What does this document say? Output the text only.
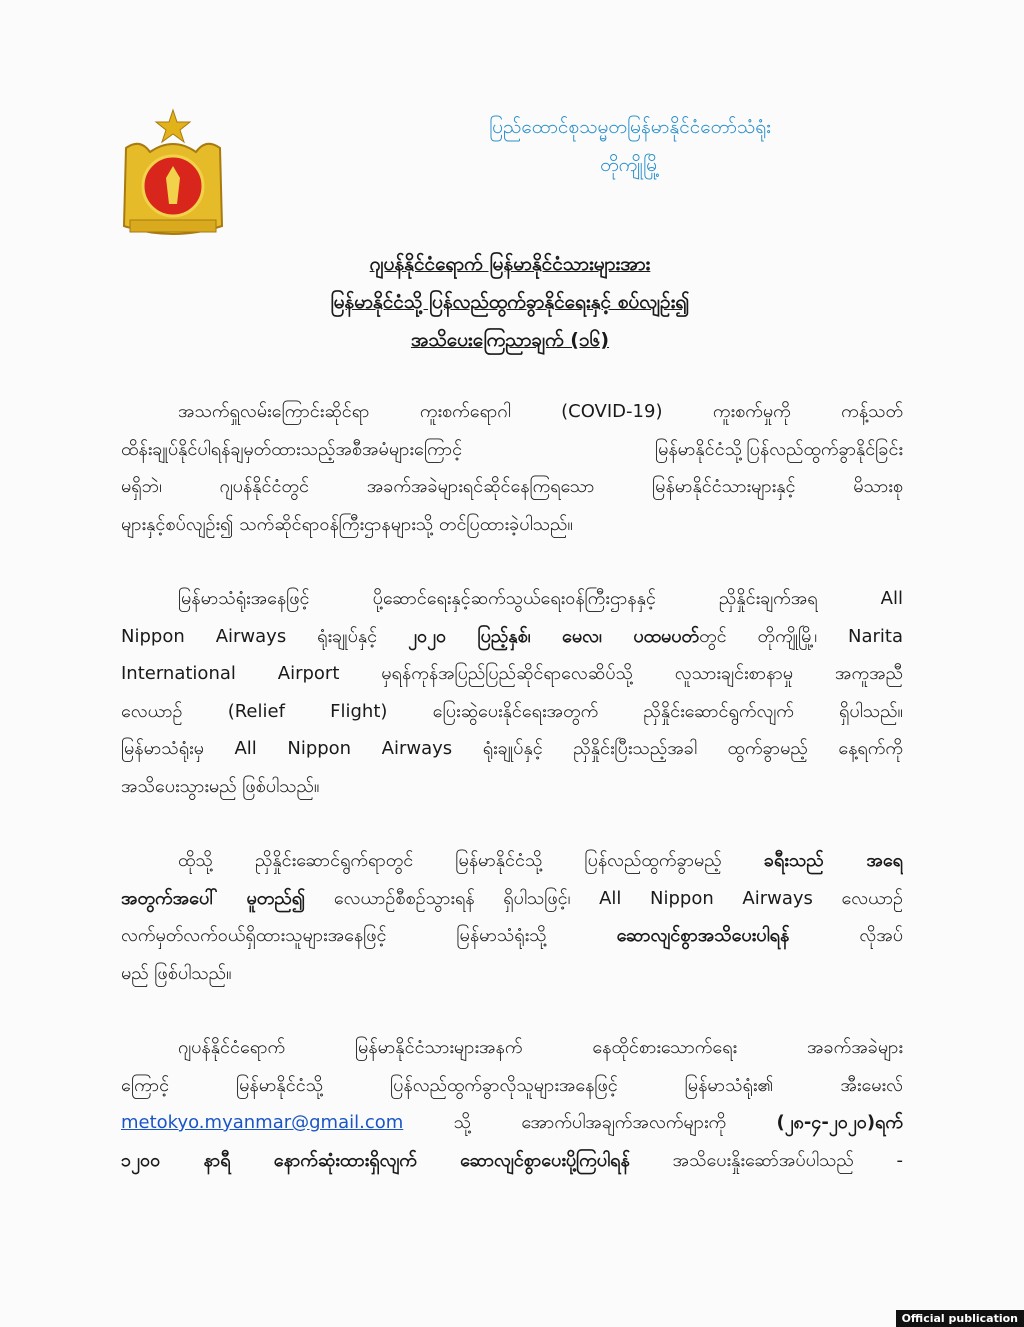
ပြည်ထောင်စုသမ္မတမြန်မာနိုင်ငံတော်သံရုံး
တိုကျိုမြို့
ဂျပန်နိုင်ငံရောက် မြန်မာနိုင်ငံသားများအား
မြန်မာနိုင်ငံသို့ ပြန်လည်ထွက်ခွာနိုင်ရေးနှင့် စပ်လျဉ်း၍
အသိပေးကြေညာချက် (၁၆)
အသက်ရှူလမ်းကြောင်းဆိုင်ရာ ကူးစက်ရောဂါ (COVID-19) ကူးစက်မှုကို ကန့်သတ်
ထိန်းချုပ်နိုင်ပါရန်ချမှတ်ထားသည့်အစီအမံများကြောင့် မြန်မာနိုင်ငံသို့ပြန်လည်ထွက်ခွာနိုင်ခြင်း
မရှိဘဲ၊ ဂျပန်နိုင်ငံတွင် အခက်အခဲများရင်ဆိုင်နေကြရသော မြန်မာနိုင်ငံသားများနှင့် မိသားစု
များနှင့်စပ်လျဉ်း၍ သက်ဆိုင်ရာဝန်ကြီးဌာနများသို့ တင်ပြထားခဲ့ပါသည်။
မြန်မာသံရုံးအနေဖြင့် ပို့ဆောင်ရေးနှင့်ဆက်သွယ်ရေးဝန်ကြီးဌာနနှင့် ညှိနှိုင်းချက်အရ All
Nippon Airways ရုံးချုပ်နှင့် ၂၀၂၀ ပြည့်နှစ်၊ မေလ၊ ပထမပတ်တွင် တိုကျိုမြို့၊ Narita
International Airport မှရန်ကုန်အပြည်ပြည်ဆိုင်ရာလေဆိပ်သို့ လူသားချင်းစာနာမှု အကူအညီ
လေယာဉ် (Relief Flight) ပြေးဆွဲပေးနိုင်ရေးအတွက် ညှိနှိုင်းဆောင်ရွက်လျက် ရှိပါသည်။
မြန်မာသံရုံးမှ All Nippon Airways ရုံးချုပ်နှင့် ညှိနှိုင်းပြီးသည့်အခါ ထွက်ခွာမည့် နေ့ရက်ကို
အသိပေးသွားမည် ဖြစ်ပါသည်။
ထိုသို့ ညှိနှိုင်းဆောင်ရွက်ရာတွင် မြန်မာနိုင်ငံသို့ ပြန်လည်ထွက်ခွာမည့် ခရီးသည် အရေ
အတွက်အပေါ် မူတည်၍ လေယာဉ်စီစဉ်သွားရန် ရှိပါသဖြင့်၊ All Nippon Airways လေယာဉ်
လက်မှတ်လက်ဝယ်ရှိထားသူများအနေဖြင့် မြန်မာသံရုံးသို့ ဆောလျင်စွာအသိပေးပါရန် လိုအပ်
မည် ဖြစ်ပါသည်။
ဂျပန်နိုင်ငံရောက် မြန်မာနိုင်ငံသားများအနက် နေထိုင်စားသောက်ရေး အခက်အခဲများ
ကြောင့် မြန်မာနိုင်ငံသို့ ပြန်လည်ထွက်ခွာလိုသူများအနေဖြင့် မြန်မာသံရုံး၏ အီးမေးလ်
metokyo.myanmar@gmail.com သို့ အောက်ပါအချက်အလက်များကို (၂၈-၄-၂၀၂၀)ရက်
၁၂၀၀ နာရီ နောက်ဆုံးထားရှိလျက် ဆောလျင်စွာပေးပို့ကြပါရန် အသိပေးနှိုးဆော်အပ်ပါသည် -
Official publication
